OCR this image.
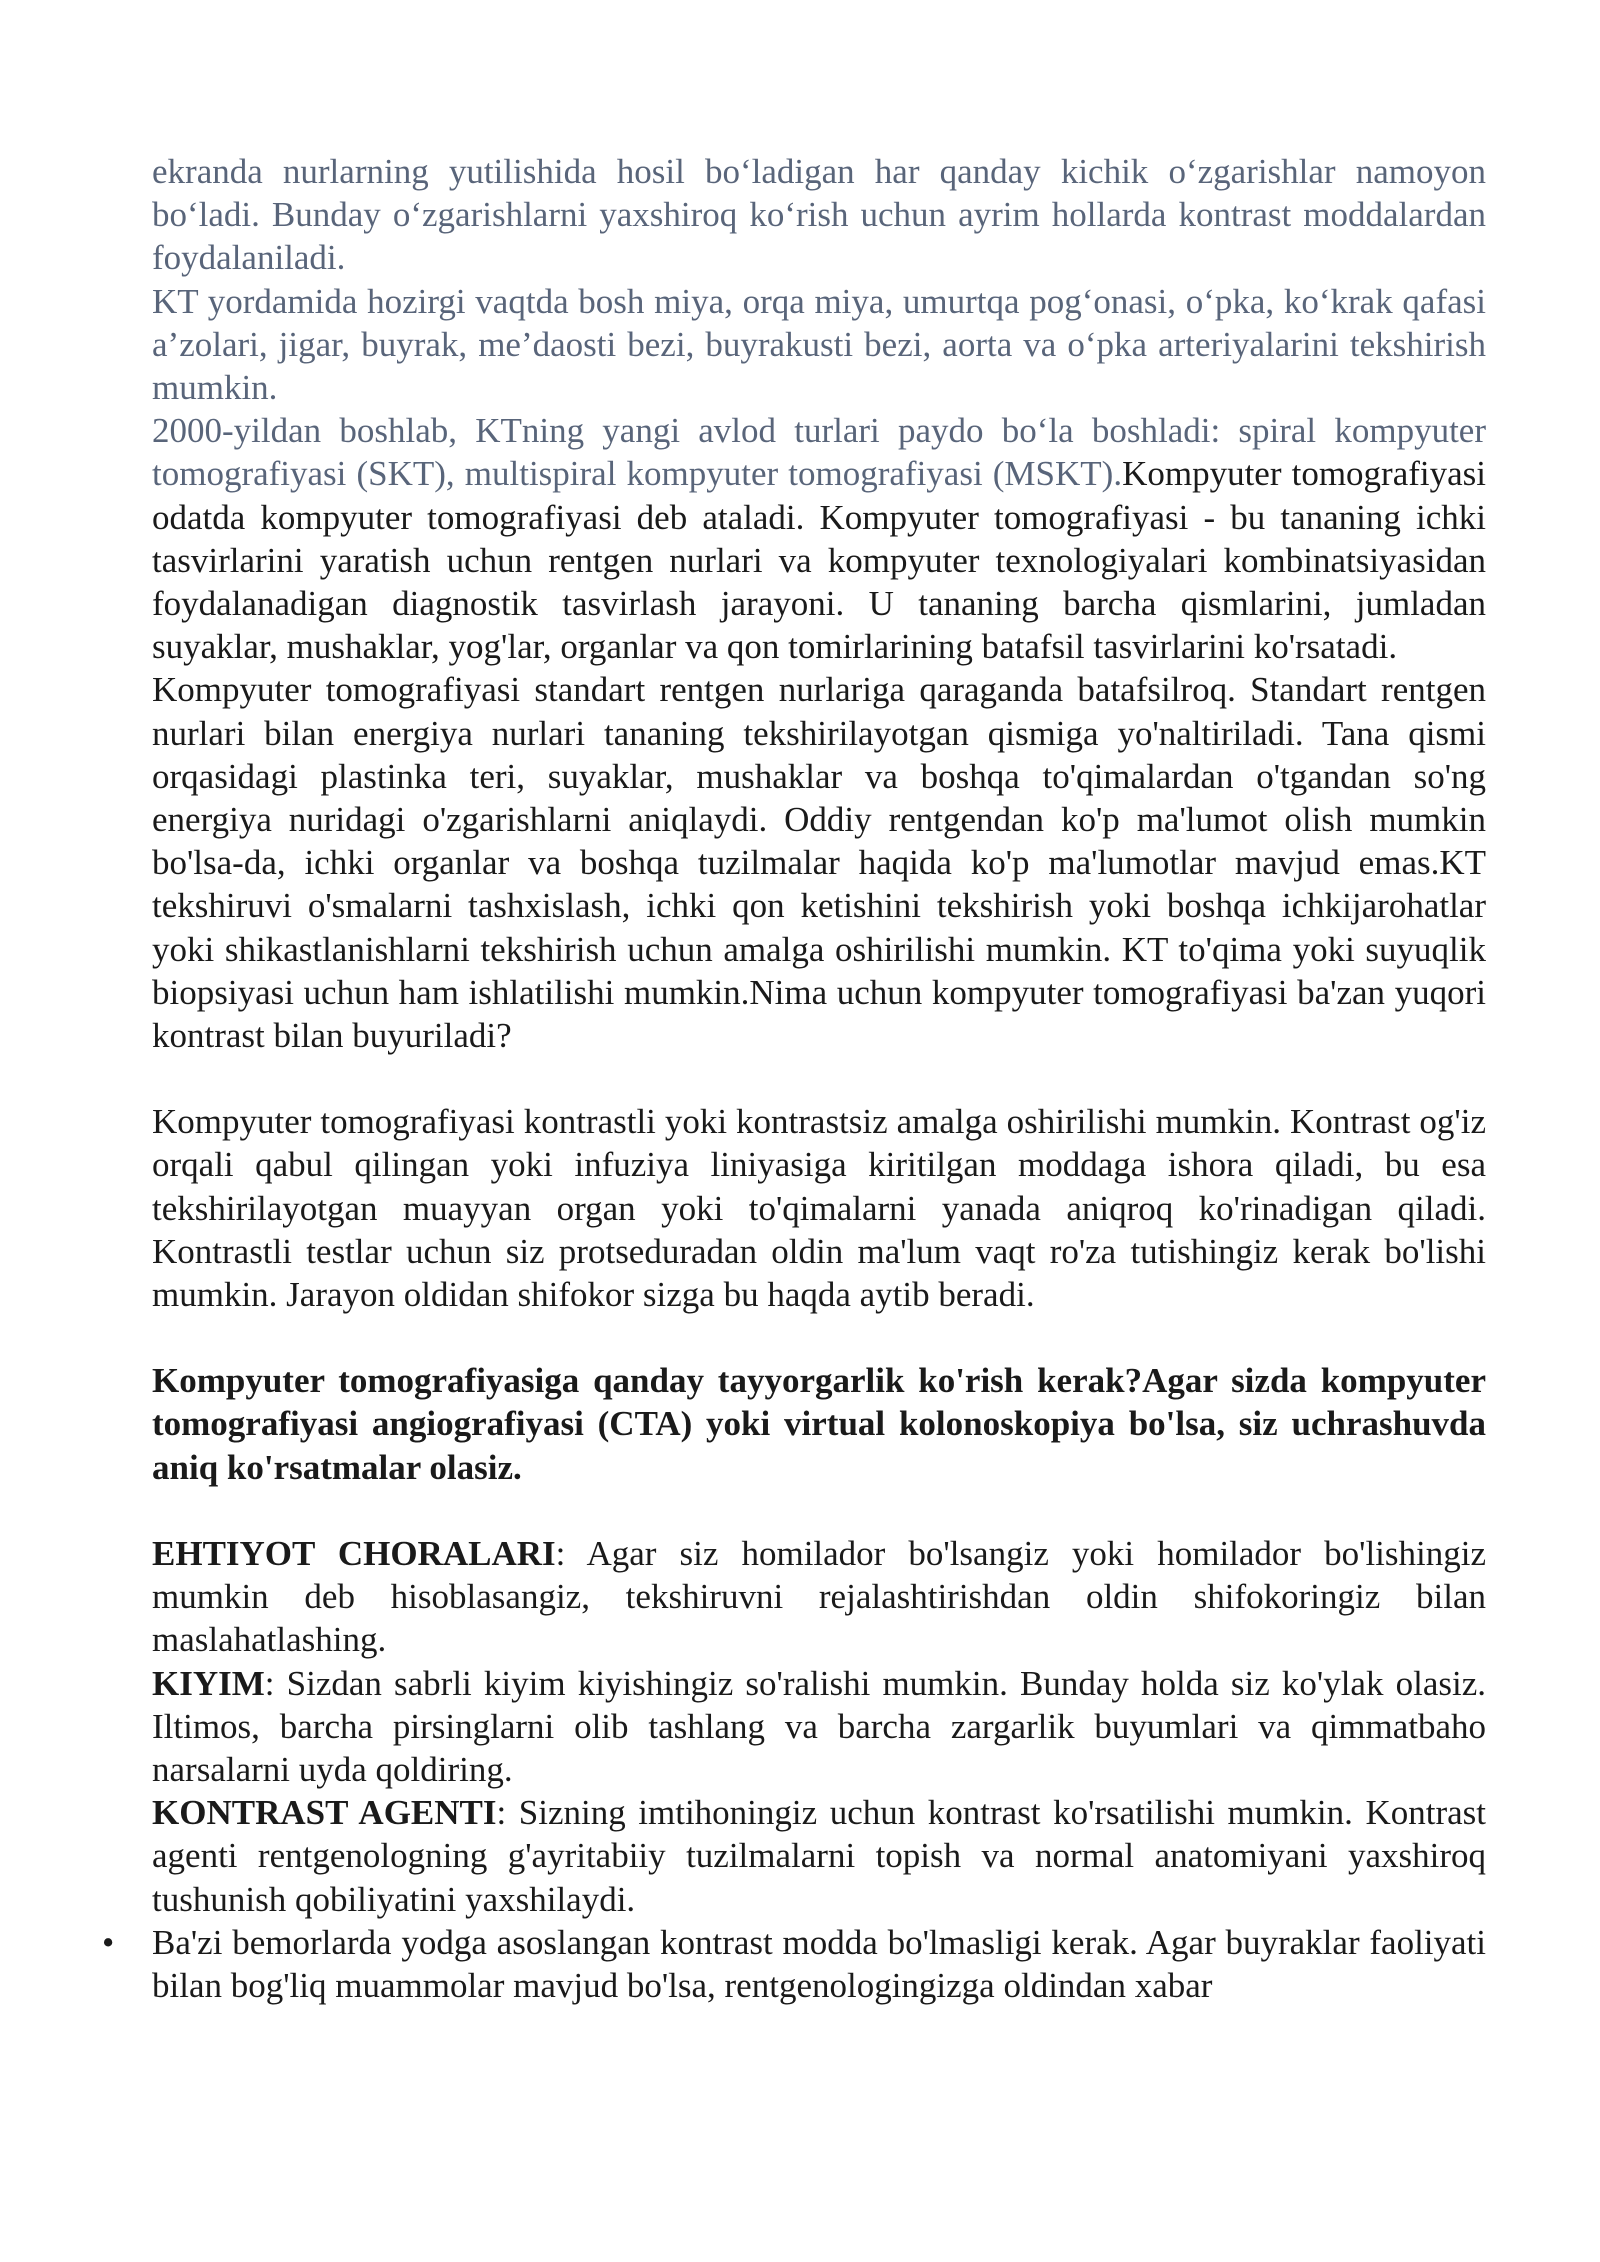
ekranda nurlarning yutilishida hosil bo‘ladigan har qanday kichik o‘zgarishlar namoyon bo‘ladi. Bunday o‘zgarishlarni yaxshiroq ko‘rish uchun ayrim hollarda kontrast moddalardan foydalaniladi.

KT yordamida hozirgi vaqtda bosh miya, orqa miya, umurtqa pog‘onasi, o‘pka, ko‘krak qafasi a’zolari, jigar, buyrak, me’daosti bezi, buyrakusti bezi, aorta va o‘pka arteriyalarini tekshirish mumkin.

2000-yildan boshlab, KTning yangi avlod turlari paydo bo‘la boshladi: spiral kompyuter tomografiyasi (SKT), multispiral kompyuter tomografiyasi (MSKT).Kompyuter tomografiyasi odatda kompyuter tomografiyasi deb ataladi. Kompyuter tomografiyasi - bu tananing ichki tasvirlarini yaratish uchun rentgen nurlari va kompyuter texnologiyalari kombinatsiyasidan foydalanadigan diagnostik tasvirlash jarayoni. U tananing barcha qismlarini, jumladan suyaklar, mushaklar, yog'lar, organlar va qon tomirlarining batafsil tasvirlarini ko'rsatadi.

Kompyuter tomografiyasi standart rentgen nurlariga qaraganda batafsilroq. Standart rentgen nurlari bilan energiya nurlari tananing tekshirilayotgan qismiga yo'naltiriladi. Tana qismi orqasidagi plastinka teri, suyaklar, mushaklar va boshqa to'qimalardan o'tgandan so'ng energiya nuridagi o'zgarishlarni aniqlaydi. Oddiy rentgendan ko'p ma'lumot olish mumkin bo'lsa-da, ichki organlar va boshqa tuzilmalar haqida ko'p ma'lumotlar mavjud emas.KT tekshiruvi o'smalarni tashxislash, ichki qon ketishini tekshirish yoki boshqa ichkijarohatlar yoki shikastlanishlarni tekshirish uchun amalga oshirilishi mumkin. KT to'qima yoki suyuqlik biopsiyasi uchun ham ishlatilishi mumkin.Nima uchun kompyuter tomografiyasi ba'zan yuqori kontrast bilan buyuriladi?

Kompyuter tomografiyasi kontrastli yoki kontrastsiz amalga oshirilishi mumkin. Kontrast og'iz orqali qabul qilingan yoki infuziya liniyasiga kiritilgan moddaga ishora qiladi, bu esa tekshirilayotgan muayyan organ yoki to'qimalarni yanada aniqroq ko'rinadigan qiladi. Kontrastli testlar uchun siz protseduradan oldin ma'lum vaqt ro'za tutishingiz kerak bo'lishi mumkin. Jarayon oldidan shifokor sizga bu haqda aytib beradi.

Kompyuter tomografiyasiga qanday tayyorgarlik ko'rish kerak?Agar sizda kompyuter tomografiyasi angiografiyasi (CTA) yoki virtual kolonoskopiya bo'lsa, siz uchrashuvda aniq ko'rsatmalar olasiz.

EHTIYOT CHORALARI: Agar siz homilador bo'lsangiz yoki homilador bo'lishingiz mumkin deb hisoblasangiz, tekshiruvni rejalashtirishdan oldin shifokoringiz bilan maslahatlashing.

KIYIM: Sizdan sabrli kiyim kiyishingiz so'ralishi mumkin. Bunday holda siz ko'ylak olasiz. Iltimos, barcha pirsinglarni olib tashlang va barcha zargarlik buyumlari va qimmatbaho narsalarni uyda qoldiring.

KONTRAST AGENTI: Sizning imtihoningiz uchun kontrast ko'rsatilishi mumkin. Kontrast agenti rentgenologning g'ayritabiiy tuzilmalarni topish va normal anatomiyani yaxshiroq tushunish qobiliyatini yaxshilaydi.

• Ba'zi bemorlarda yodga asoslangan kontrast modda bo'lmasligi kerak. Agar buyraklar faoliyati bilan bog'liq muammolar mavjud bo'lsa, rentgenologingizga oldindan xabar
